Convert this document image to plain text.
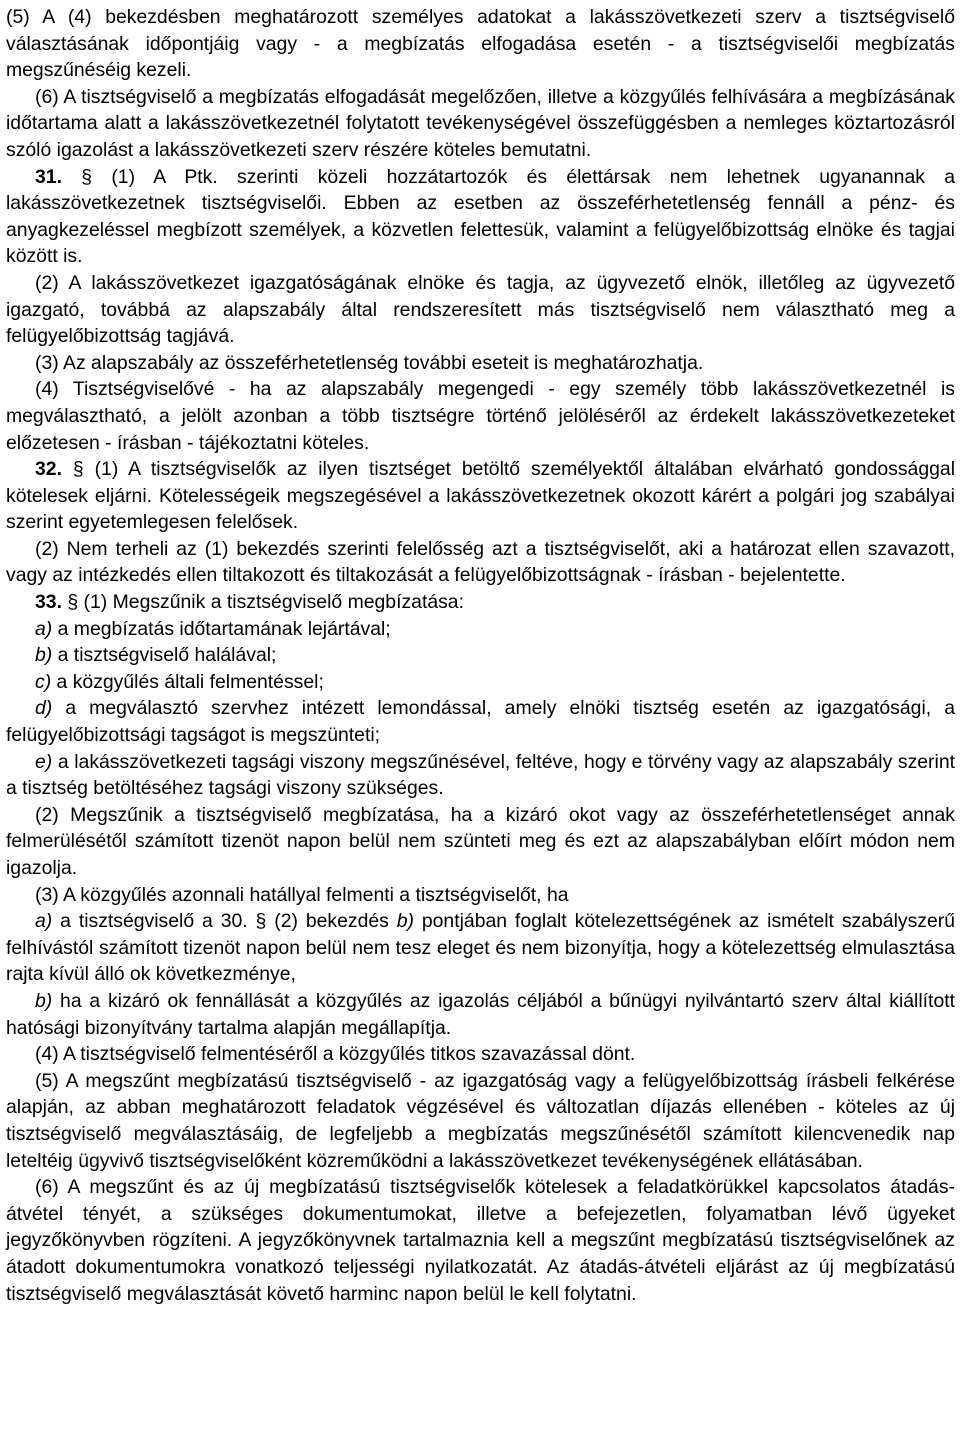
(5) A (4) bekezdésben meghatározott személyes adatokat a lakásszövetkezeti szerv a tisztségviselő választásának időpontjáig vagy - a megbízatás elfogadása esetén - a tisztségviselői megbízatás megszűnéséig kezeli.

(6) A tisztségviselő a megbízatás elfogadását megelőzően, illetve a közgyűlés felhívására a megbízásának időtartama alatt a lakásszövetkezetnél folytatott tevékenységével összefüggésben a nemleges köztartozásról szóló igazolást a lakásszövetkezeti szerv részére köteles bemutatni.

31. § (1) A Ptk. szerinti közeli hozzátartozók és élettársak nem lehetnek ugyanannak a lakásszövetkezetnek tisztségviselői. Ebben az esetben az összeférhetetlenség fennáll a pénz- és anyagkezeléssel megbízott személyek, a közvetlen felettesük, valamint a felügyelőbizottság elnöke és tagjai között is.

(2) A lakásszövetkezet igazgatóságának elnöke és tagja, az ügyvezető elnök, illetőleg az ügyvezető igazgató, továbbá az alapszabály által rendszeresített más tisztségviselő nem választható meg a felügyelőbizottság tagjává.

(3) Az alapszabály az összeférhetetlenség további eseteit is meghatározhatja.

(4) Tisztségviselővé - ha az alapszabály megengedi - egy személy több lakásszövetkezetnél is megválasztható, a jelölt azonban a több tisztségre történő jelöléséről az érdekelt lakásszövetkezeteket előzetesen - írásban - tájékoztatni köteles.

32. § (1) A tisztségviselők az ilyen tisztséget betöltő személyektől általában elvárható gondossággal kötelesek eljárni. Kötelességeik megszegésével a lakásszövetkezetnek okozott kárért a polgári jog szabályai szerint egyetemlegesen felelősek.

(2) Nem terheli az (1) bekezdés szerinti felelősség azt a tisztségviselőt, aki a határozat ellen szavazott, vagy az intézkedés ellen tiltakozott és tiltakozását a felügyelőbizottságnak - írásban - bejelentette.

33. § (1) Megszűnik a tisztségviselő megbízatása:

a) a megbízatás időtartamának lejártával;

b) a tisztségviselő halálával;

c) a közgyűlés általi felmentéssel;

d) a megválasztó szervhez intézett lemondással, amely elnöki tisztség esetén az igazgatósági, a felügyelőbizottsági tagságot is megszünteti;

e) a lakásszövetkezeti tagsági viszony megszűnésével, feltéve, hogy e törvény vagy az alapszabály szerint a tisztség betöltéséhez tagsági viszony szükséges.

(2) Megszűnik a tisztségviselő megbízatása, ha a kizáró okot vagy az összeférhetetlenséget annak felmerülésétől számított tizenöt napon belül nem szünteti meg és ezt az alapszabályban előírt módon nem igazolja.

(3) A közgyűlés azonnali hatállyal felmenti a tisztségviselőt, ha

a) a tisztségviselő a 30. § (2) bekezdés b) pontjában foglalt kötelezettségének az ismételt szabályszerű felhívástól számított tizenöt napon belül nem tesz eleget és nem bizonyítja, hogy a kötelezettség elmulasztása rajta kívül álló ok következménye,

b) ha a kizáró ok fennállását a közgyűlés az igazolás céljából a bűnügyi nyilvántartó szerv által kiállított hatósági bizonyítvány tartalma alapján megállapítja.

(4) A tisztségviselő felmentéséről a közgyűlés titkos szavazással dönt.

(5) A megszűnt megbízatású tisztségviselő - az igazgatóság vagy a felügyelőbizottság írásbeli felkérése alapján, az abban meghatározott feladatok végzésével és változatlan díjazás ellenében - köteles az új tisztségviselő megválasztásáig, de legfeljebb a megbízatás megszűnésétől számított kilencvenedik nap leteltéig ügyvivő tisztségviselőként közreműködni a lakásszövetkezet tevékenységének ellátásában.

(6) A megszűnt és az új megbízatású tisztségviselők kötelesek a feladatkörükkel kapcsolatos átadás-átvétel tényét, a szükséges dokumentumokat, illetve a befejezetlen, folyamatban lévő ügyeket jegyzőkönyvben rögzíteni. A jegyzőkönyvnek tartalmaznia kell a megszűnt megbízatású tisztségviselőnek az átadott dokumentumokra vonatkozó teljességi nyilatkozatát. Az átadás-átvételi eljárást az új megbízatású tisztségviselő megválasztását követő harminc napon belül le kell folytatni.
